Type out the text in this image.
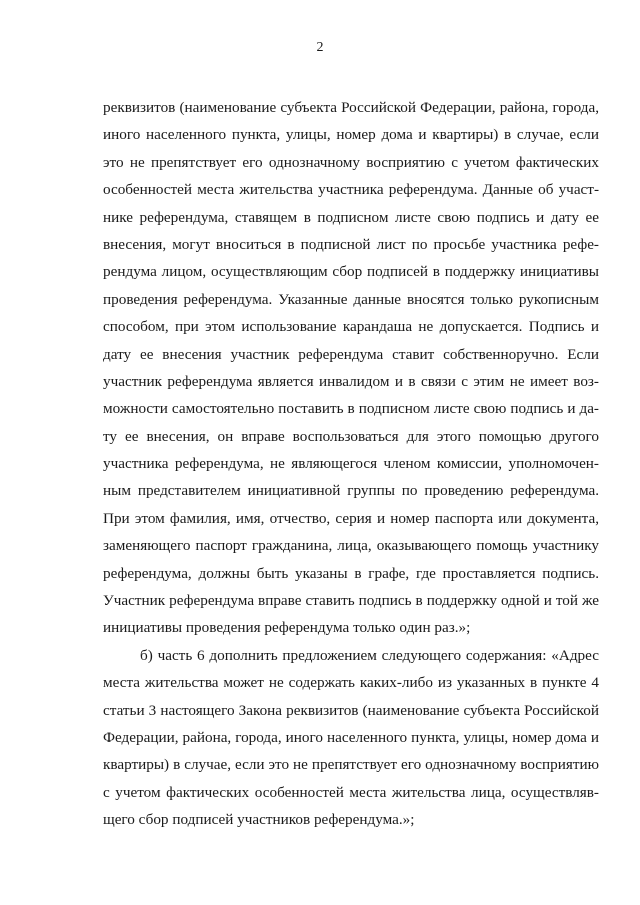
2
реквизитов (наименование субъекта Российской Федерации, района, города,
иного населенного пункта, улицы, номер дома и квартиры) в случае, если
это не препятствует его однозначному восприятию с учетом фактических
особенностей места жительства участника референдума. Данные об участ-
нике референдума, ставящем в подписном листе свою подпись и дату ее
внесения, могут вноситься в подписной лист по просьбе участника рефе-
рендума лицом, осуществляющим сбор подписей в поддержку инициативы
проведения референдума. Указанные данные вносятся только рукописным
способом, при этом использование карандаша не допускается. Подпись и
дату ее внесения участник референдума ставит собственноручно. Если
участник референдума является инвалидом и в связи с этим не имеет воз-
можности самостоятельно поставить в подписном листе свою подпись и да-
ту ее внесения, он вправе воспользоваться для этого помощью другого
участника референдума, не являющегося членом комиссии, уполномочен-
ным представителем инициативной группы по проведению референдума.
При этом фамилия, имя, отчество, серия и номер паспорта или документа,
заменяющего паспорт гражданина, лица, оказывающего помощь участнику
референдума, должны быть указаны в графе, где проставляется подпись.
Участник референдума вправе ставить подпись в поддержку одной и той же
инициативы проведения референдума только один раз.»;
б) часть 6 дополнить предложением следующего содержания: «Адрес
места жительства может не содержать каких-либо из указанных в пункте 4
статьи 3 настоящего Закона реквизитов (наименование субъекта Российской
Федерации, района, города, иного населенного пункта, улицы, номер дома и
квартиры) в случае, если это не препятствует его однозначному восприятию
с учетом фактических особенностей места жительства лица, осуществляв-
щего сбор подписей участников референдума.»;
